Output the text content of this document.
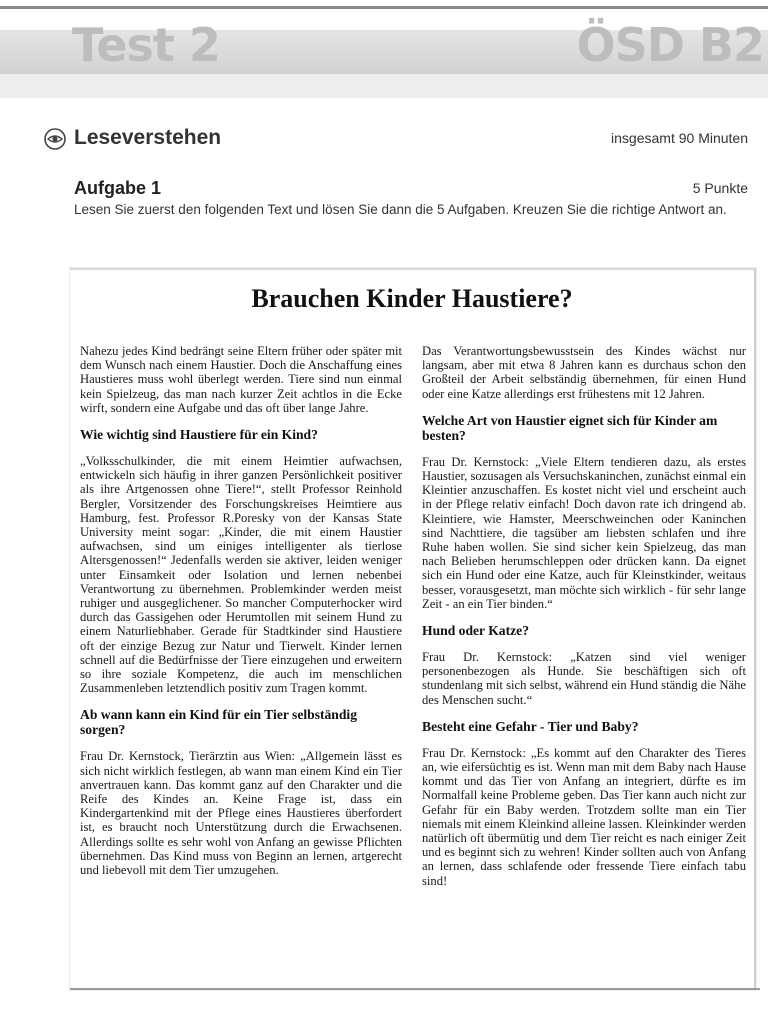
Test 2	ÖSD B2
Leseverstehen	insgesamt 90 Minuten
Aufgabe 1	5 Punkte
Lesen Sie zuerst den folgenden Text und lösen Sie dann die 5 Aufgaben. Kreuzen Sie die richtige Antwort an.
Brauchen Kinder Haustiere?

Nahezu jedes Kind bedrängt seine Eltern früher oder später mit dem Wunsch nach einem Haustier. Doch die Anschaffung eines Haustieres muss wohl überlegt werden. Tiere sind nun einmal kein Spielzeug, das man nach kurzer Zeit achtlos in die Ecke wirft, sondern eine Aufgabe und das oft über lange Jahre.

Wie wichtig sind Haustiere für ein Kind?

„Volksschulkinder, die mit einem Heimtier aufwachsen, entwickeln sich häufig in ihrer ganzen Persönlichkeit positiver als ihre Artgenossen ohne Tiere!“, stellt Professor Reinhold Bergler, Vorsitzender des Forschungskreises Heimtiere aus Hamburg, fest. Professor R.Poresky von der Kansas State University meint sogar: „Kinder, die mit einem Haustier aufwachsen, sind um einiges intelligenter als tierlose Altersgenossen!“ Jedenfalls werden sie aktiver, leiden weniger unter Einsamkeit oder Isolation und lernen nebenbei Verantwortung zu übernehmen. Problemkinder werden meist ruhiger und ausgeglichener. So mancher Computerhocker wird durch das Gassigehen oder Herumtollen mit seinem Hund zu einem Naturliebhaber. Gerade für Stadtkinder sind Haustiere oft der einzige Bezug zur Natur und Tierwelt. Kinder lernen schnell auf die Bedürfnisse der Tiere einzugehen und erweitern so ihre soziale Kompetenz, die auch im menschlichen Zusammenleben letztendlich positiv zum Tragen kommt.

Ab wann kann ein Kind für ein Tier selbständig sorgen?

Frau Dr. Kernstock, Tierärztin aus Wien: „Allgemein lässt es sich nicht wirklich festlegen, ab wann man einem Kind ein Tier anvertrauen kann. Das kommt ganz auf den Charakter und die Reife des Kindes an. Keine Frage ist, dass ein Kindergartenkind mit der Pflege eines Haustieres überfordert ist, es braucht noch Unterstützung durch die Erwachsenen. Allerdings sollte es sehr wohl von Anfang an gewisse Pflichten übernehmen. Das Kind muss von Beginn an lernen, artgerecht und liebevoll mit dem Tier umzugehen.

Das Verantwortungsbewusstsein des Kindes wächst nur langsam, aber mit etwa 8 Jahren kann es durchaus schon den Großteil der Arbeit selbständig übernehmen, für einen Hund oder eine Katze allerdings erst frühestens mit 12 Jahren.

Welche Art von Haustier eignet sich für Kinder am besten?

Frau Dr. Kernstock: „Viele Eltern tendieren dazu, als erstes Haustier, sozusagen als Versuchskaninchen, zunächst einmal ein Kleintier anzuschaffen. Es kostet nicht viel und erscheint auch in der Pflege relativ einfach! Doch davon rate ich dringend ab. Kleintiere, wie Hamster, Meerschweinchen oder Kaninchen sind Nachttiere, die tagsüber am liebsten schlafen und ihre Ruhe haben wollen. Sie sind sicher kein Spielzeug, das man nach Belieben herumschleppen oder drücken kann. Da eignet sich ein Hund oder eine Katze, auch für Kleinstkinder, weitaus besser, vorausgesetzt, man möchte sich wirklich - für sehr lange Zeit - an ein Tier binden.“

Hund oder Katze?

Frau Dr. Kernstock: „Katzen sind viel weniger personenbezogen als Hunde. Sie beschäftigen sich oft stundenlang mit sich selbst, während ein Hund ständig die Nähe des Menschen sucht.“

Besteht eine Gefahr - Tier und Baby?

Frau Dr. Kernstock: „Es kommt auf den Charakter des Tieres an, wie eifersüchtig es ist. Wenn man mit dem Baby nach Hause kommt und das Tier von Anfang an integriert, dürfte es im Normalfall keine Probleme geben. Das Tier kann auch nicht zur Gefahr für ein Baby werden. Trotzdem sollte man ein Tier niemals mit einem Kleinkind alleine lassen. Kleinkinder werden natürlich oft übermütig und dem Tier reicht es nach einiger Zeit und es beginnt sich zu wehren! Kinder sollten auch von Anfang an lernen, dass schlafende oder fressende Tiere einfach tabu sind!
